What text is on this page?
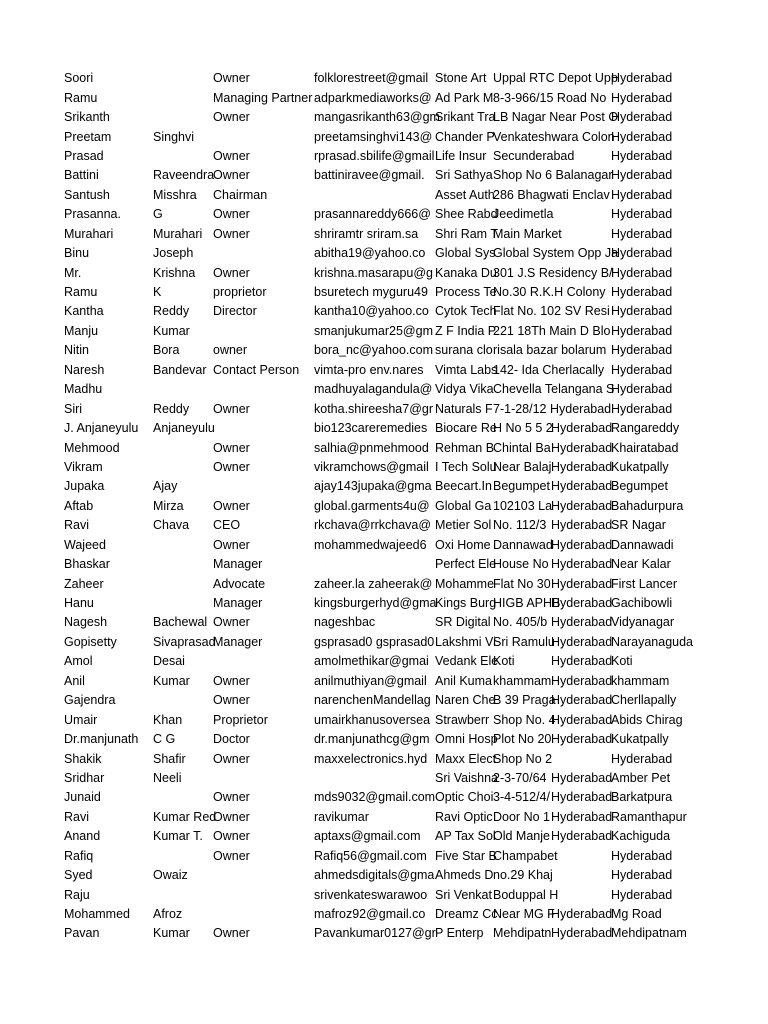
Soori		Owner	folklorestreet@gmail	Stone Art	Uppal RTC Depot Upp	Hyderabad
Ramu		Managing Partner	adparkmediaworks@	Ad Park M	8-3-966/15 Road No	Hyderabad
Srikanth		Owner	mangasrikanth63@gm	Srikant Tra	LB Nagar Near Post O	Hyderabad
Preetam	Singhvi		preetamsinghvi143@	Chander P	Venkateshwara Colon	Hyderabad
Prasad		Owner	rprasad.sbilife@gmail	Life Insur	Secunderabad	Hyderabad
Battini	Raveendra	Owner	battiniravee@gmail.	Sri Sathya	Shop No 6 Balanagar	Hyderabad
Santush	Misshra	Chairman		Asset Auth	286 Bhagwati Enclav	Hyderabad
Prasanna.	G	Owner	prasannareddy666@	Shee Rabd	Jeedimetla	Hyderabad
Murahari	Murahari	Owner	shriramtr sriram.sa	Shri Ram T	Main Market	Hyderabad
Binu	Joseph		abitha19@yahoo.co	Global Sys	Global System Opp Ja	Hyderabad
Mr.	Krishna	Owner	krishna.masarapu@g	Kanaka Du	301 J.S Residency B/	Hyderabad
Ramu	K	proprietor	bsuretech myguru49	Process Te	No.30 R.K.H Colony	Hyderabad
Kantha	Reddy	Director	kantha10@yahoo.co	Cytok Tech	Flat No. 102 SV Resi	Hyderabad
Manju	Kumar		smanjukumar25@gm	Z F India P	221 18Th Main D Blo	Hyderabad
Nitin	Bora	owner	bora_nc@yahoo.com	surana clo	risala bazar bolarum	Hyderabad
Naresh	Bandevar	Contact Person	vimta-pro env.nares	Vimta Labs	142- Ida Cherlacally	Hyderabad
Madhu			madhuyalagandula@	Vidya Vika	Chevella Telangana S	Hyderabad
Siri	Reddy	Owner	kotha.shireesha7@gr	Naturals F	7-1-28/12 Hyderabad	Hyderabad
J. Anjaneyulu	Anjaneyulu		bio123careremedies	Biocare Re	H No 5 5 2Hyderabad	Rangareddy
Mehmood		Owner	salhia@pnmehmood	Rehman B	Chintal BaHyderabad	Khairatabad
Vikram		Owner	vikramchows@gmail	I Tech Solu	Near BalajHyderabad	Kukatpally
Jupaka	Ajay		ajay143jupaka@gma	Beecart.In	BegumpetHyderabad	Begumpet
Aftab	Mirza	Owner	global.garments4u@	Global Ga	102103 LaHyderabad	Bahadurpura
Ravi	Chava	CEO	rkchava@rrkchava@	Metier Sol	No. 112/3 Hyderabad	SR Nagar
Wajeed		Owner	mohammedwajeed6	Oxi Home	DannawadHyderabad	Dannawadi
Bhaskar		Manager		Perfect Ele	House No Hyderabad	Near Kalar
Zaheer		Advocate	zaheer.la zaheerak@	Mohamme	Flat No 30Hyderabad	First Lancer
Hanu		Manager	kingsburgerhyd@gma	Kings Burg	HIGB APHBHyderabad	Gachibowli
Nagesh	Bachewal	Owner	nageshbac	SR Digital	No. 405/b Hyderabad	Vidyanagar
Gopisetty	Sivaprasad	Manager	gsprasad0 gsprasad0	Lakshmi Vi	Sri RamuluHyderabad	Narayanaguda
Amol	Desai		amolmethikar@gmai	Vedank Ele	Koti Hyderabad	Koti
Anil	Kumar	Owner	anilmuthiyan@gmail	Anil Kuma	khammamHyderabad	khammam
Gajendra		Owner	narenchenMandellag	Naren Che	B 39 PragaHyderabad	Cherllapally
Umair	Khan	Proprietor	umairkhanusoversea	Strawberr	Shop No. 4Hyderabad	Abids Chirag
Dr.manjunath	C G	Doctor	dr.manjunathcg@gm	Omni Hosp	Plot No 20Hyderabad	Kukatpally
Shakik	Shafir	Owner	maxxelectronics.hyd	Maxx Elect	Shop No 2	Hyderabad
Sridhar	Neeli			Sri Vaishna	2-3-70/64 Hyderabad	Amber Pet
Junaid		Owner	mds9032@gmail.com	Optic Choi	3-4-512/4/Hyderabad	Barkatpura
Ravi	Kumar Red	Owner	ravikumar	Ravi Optic	Door No 1Hyderabad	Ramanthapur
Anand	Kumar T.	Owner	aptaxs@gmail.com	AP Tax Sol	Old ManjeHyderabad	Kachiguda
Rafiq		Owner	Rafiq56@gmail.com	Five Star B	Champabet	Hyderabad
Syed	Owaiz		ahmedsdigitals@gma	Ahmeds D	no.29 Khaj	Hyderabad
Raju			srivenkateswarawoo	Sri Venkat	Boduppal H	Hyderabad
Mohammed	Afroz		mafroz92@gmail.co	Dreamz Cc	Near MG FHyderabad	Mg Road
Pavan	Kumar	Owner	Pavankumar0127@gr	P Enterp	MehdipatnHyderabad	Mehdipatnam
